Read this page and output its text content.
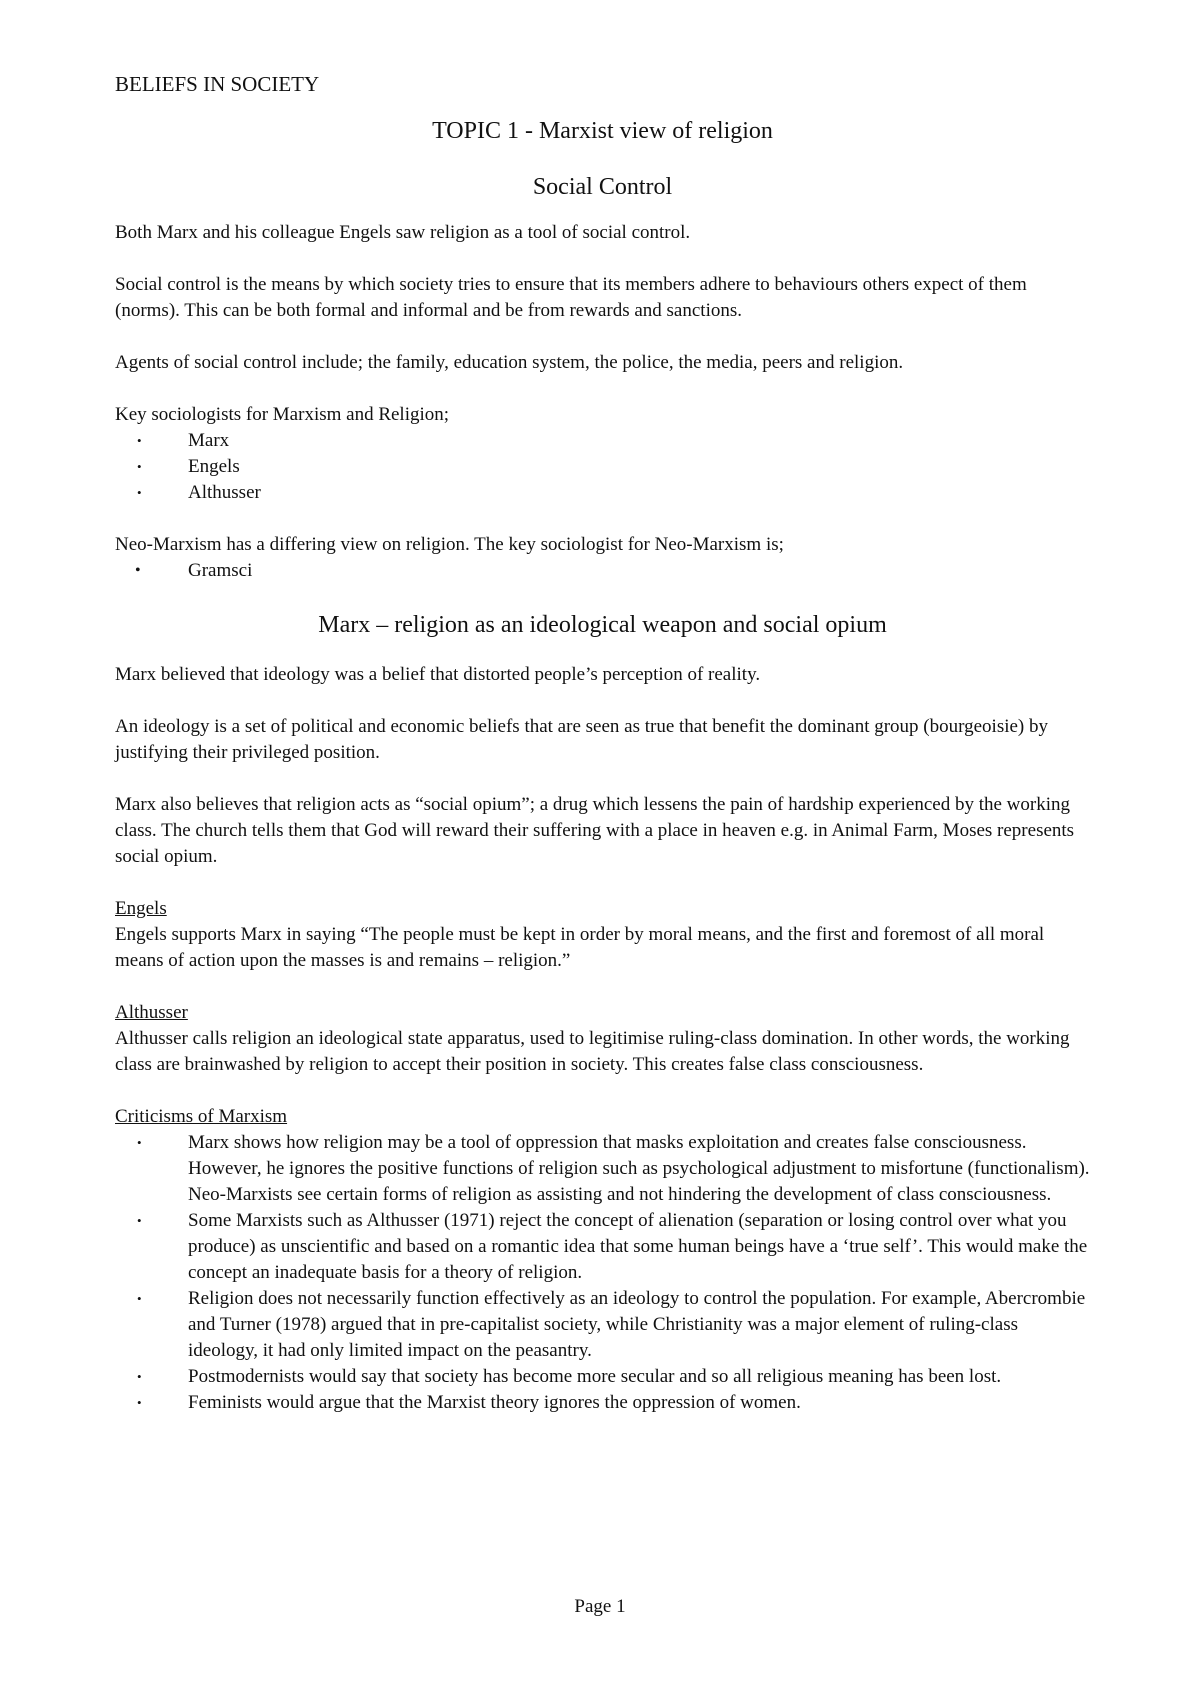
BELIEFS IN SOCIETY
TOPIC 1 - Marxist view of religion
Social Control

Both Marx and his colleague Engels saw religion as a tool of social control.

Social control is the means by which society tries to ensure that its members adhere to behaviours others expect of them (norms). This can be both formal and informal and be from rewards and sanctions.

Agents of social control include; the family, education system, the police, the media, peers and religion.

Key sociologists for Marxism and Religion;

• Marx
• Engels
• Althusser

Neo-Marxism has a differing view on religion. The key sociologist for Neo-Marxism is;

• Gramsci
Marx – religion as an ideological weapon and social opium

Marx believed that ideology was a belief that distorted people’s perception of reality.

An ideology is a set of political and economic beliefs that are seen as true that benefit the dominant group (bourgeoisie) by justifying their privileged position.

Marx also believes that religion acts as “social opium”; a drug which lessens the pain of hardship experienced by the working class. The church tells them that God will reward their suffering with a place in heaven e.g. in Animal Farm, Moses represents social opium.

Engels

Engels supports Marx in saying “The people must be kept in order by moral means, and the first and foremost of all moral means of action upon the masses is and remains – religion.”

Althusser

Althusser calls religion an ideological state apparatus, used to legitimise ruling-class domination. In other words, the working class are brainwashed by religion to accept their position in society. This creates false class consciousness.

Criticisms of Marxism
• Marx shows how religion may be a tool of oppression that masks exploitation and creates false consciousness. However, he ignores the positive functions of religion such as psychological adjustment to misfortune (functionalism). Neo-Marxists see certain forms of religion as assisting and not hindering the development of class consciousness.
• Some Marxists such as Althusser (1971) reject the concept of alienation (separation or losing control over what you produce) as unscientific and based on a romantic idea that some human beings have a ‘true self’. This would make the concept an inadequate basis for a theory of religion.
• Religion does not necessarily function effectively as an ideology to control the population. For example, Abercrombie and Turner (1978) argued that in pre-capitalist society, while Christianity was a major element of ruling-class ideology, it had only limited impact on the peasantry.
• Postmodernists would say that society has become more secular and so all religious meaning has been lost.
• Feminists would argue that the Marxist theory ignores the oppression of women.
Page 1
